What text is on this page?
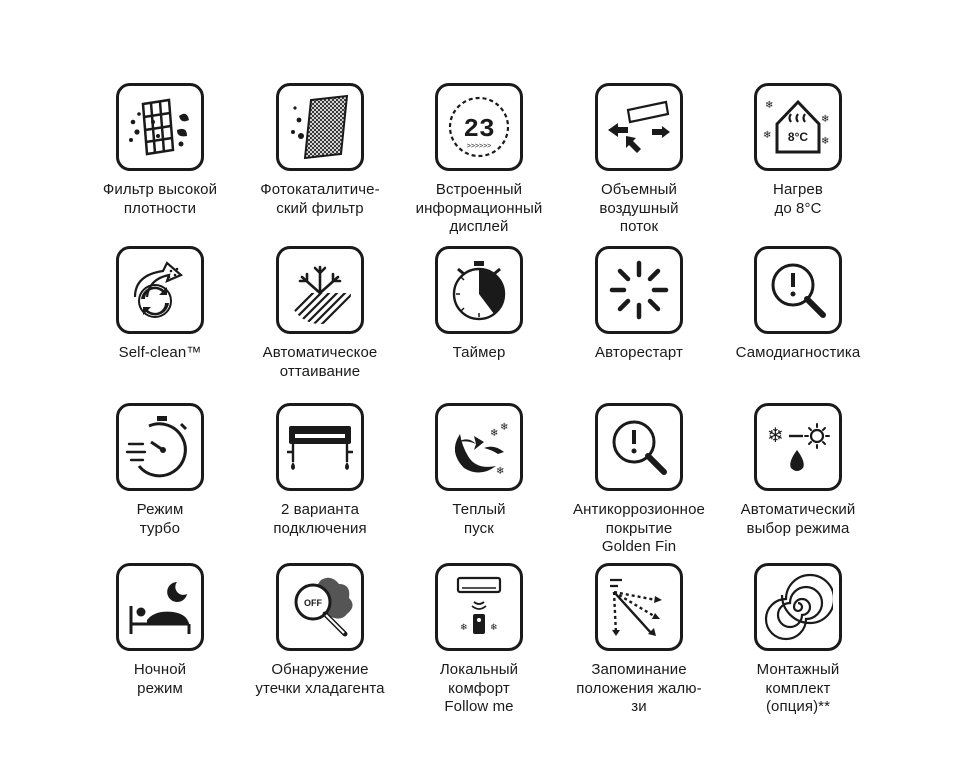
Фильтр высокой
плотности
Фотокаталитиче-
ский фильтр
23
>>>>>>
Встроенный
информационный
дисплей
Объемный
воздушный
поток
8°C
❄
❄
❄
❄
Нагрев
до 8°С
Self-clean™	Автоматическое
оттаивание
Таймер	Авторестарт	Самодиагностика
Режим
турбо
2 варианта
подключения
❄
❄
❄
Теплый
пуск
Антикоррозионное
покрытие
Golden Fin
❄
Автоматический
выбор режима
Ночной
режим
OFF
Обнаружение
утечки хладагента
❄ ❄
Локальный
комфорт
Follow me
Запоминание
положения жалю-
зи
Монтажный
комплект
(опция)**
